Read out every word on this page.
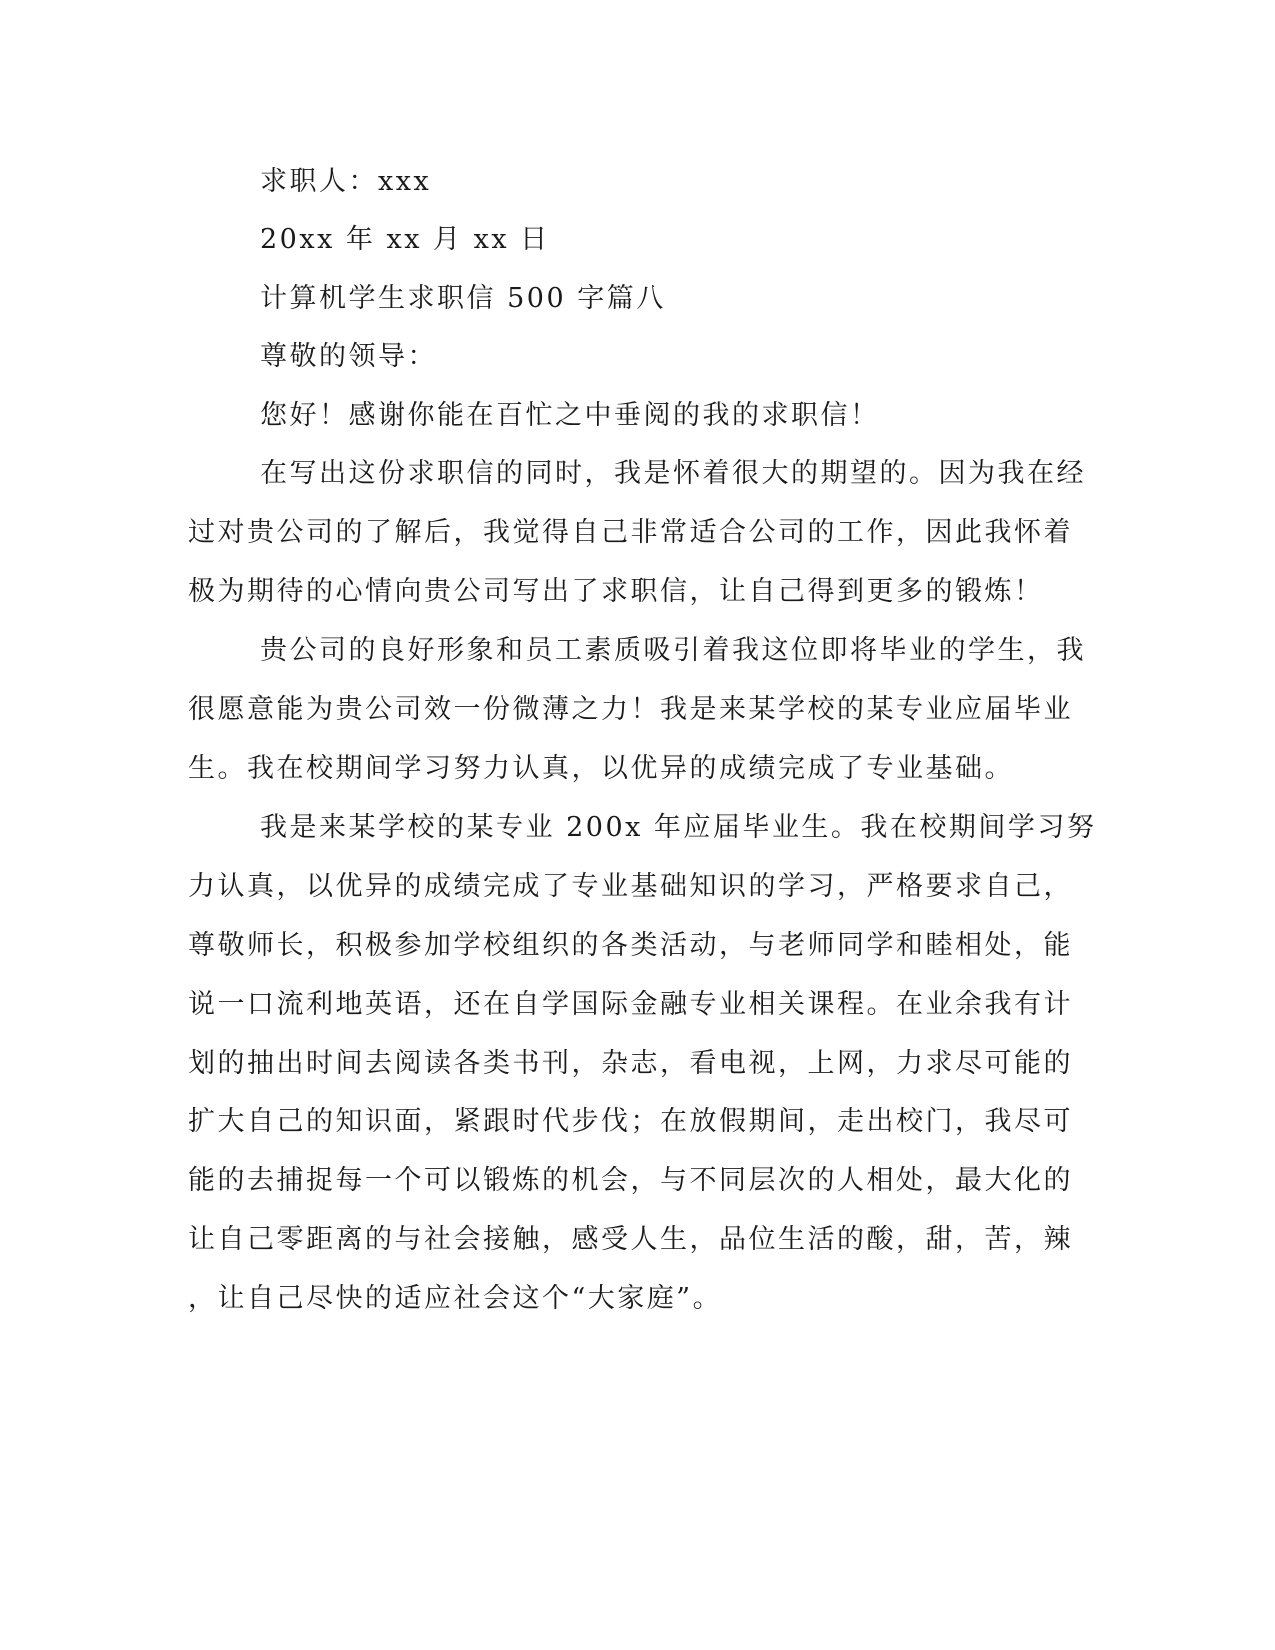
求职人：xxx

20xx 年 xx 月 xx 日

计算机学生求职信 500 字篇八

尊敬的领导：

您好！感谢你能在百忙之中垂阅的我的求职信！

在写出这份求职信的同时，我是怀着很大的期望的。因为我在经

过对贵公司的了解后，我觉得自己非常适合公司的工作，因此我怀着

极为期待的心情向贵公司写出了求职信，让自己得到更多的锻炼！

贵公司的良好形象和员工素质吸引着我这位即将毕业的学生，我

很愿意能为贵公司效一份微薄之力！我是来某学校的某专业应届毕业

生。我在校期间学习努力认真，以优异的成绩完成了专业基础。

我是来某学校的某专业 200x 年应届毕业生。我在校期间学习努

力认真，以优异的成绩完成了专业基础知识的学习，严格要求自己，

尊敬师长，积极参加学校组织的各类活动，与老师同学和睦相处，能

说一口流利地英语，还在自学国际金融专业相关课程。在业余我有计

划的抽出时间去阅读各类书刊，杂志，看电视，上网，力求尽可能的

扩大自己的知识面，紧跟时代步伐；在放假期间，走出校门，我尽可

能的去捕捉每一个可以锻炼的机会，与不同层次的人相处，最大化的

让自己零距离的与社会接触，感受人生，品位生活的酸，甜，苦，辣

，让自己尽快的适应社会这个“大家庭”。
